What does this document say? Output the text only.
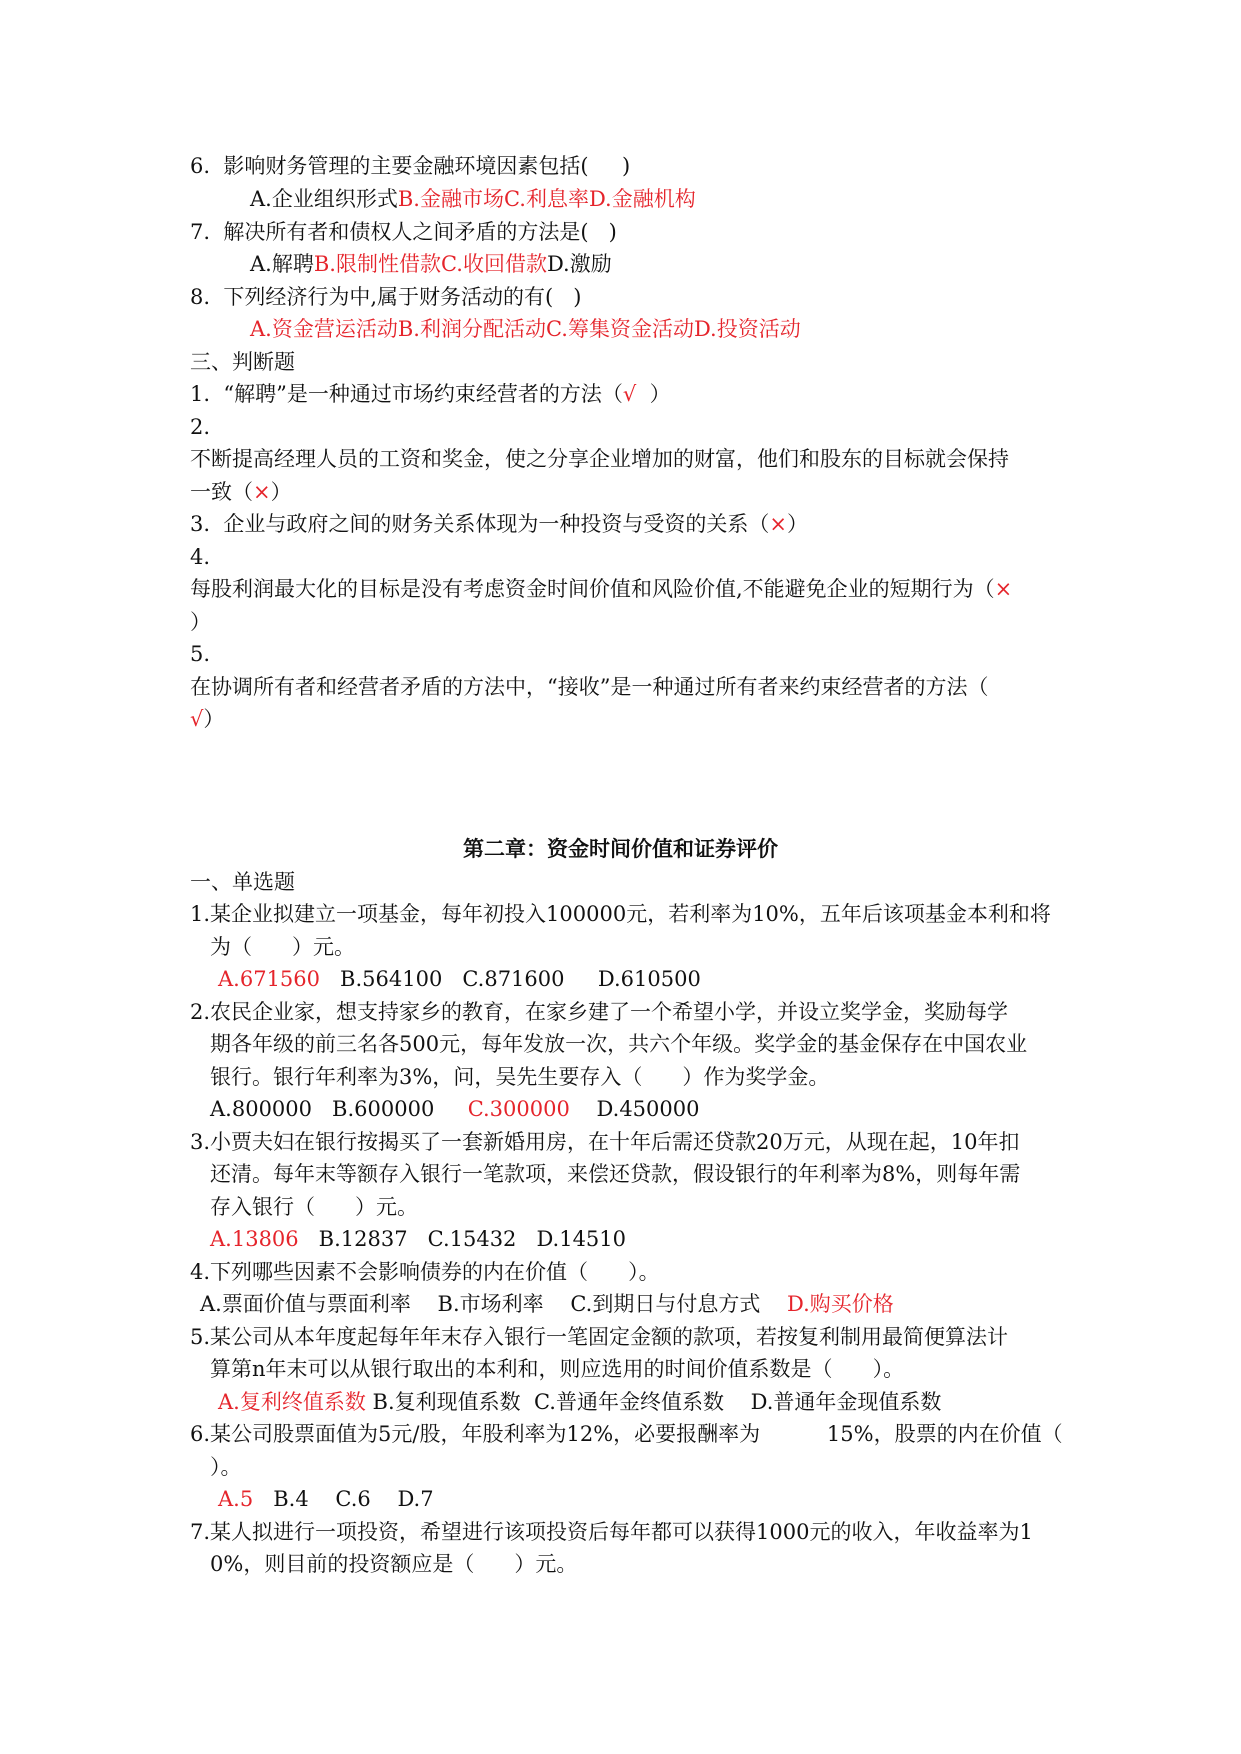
6.  影响财务管理的主要金融环境因素包括(     )
A.企业组织形式B.金融市场C.利息率D.金融机构
7.  解决所有者和债权人之间矛盾的方法是(   )
A.解聘B.限制性借款C.收回借款D.激励
8.  下列经济行为中,属于财务活动的有(   )
A.资金营运活动B.利润分配活动C.筹集资金活动D.投资活动
三、判断题
1.  “解聘”是一种通过市场约束经营者的方法（√  ）
2.
不断提高经理人员的工资和奖金，使之分享企业增加的财富，他们和股东的目标就会保持
一致（×）
3.  企业与政府之间的财务关系体现为一种投资与受资的关系（×）
4.
每股利润最大化的目标是没有考虑资金时间价值和风险价值,不能避免企业的短期行为（×
）
5.
在协调所有者和经营者矛盾的方法中，“接收”是一种通过所有者来约束经营者的方法（
√）
第二章：资金时间价值和证券评价
一、单选题
1.某企业拟建立一项基金，每年初投入100000元，若利率为10%，五年后该项基金本利和将
为（      ）元。
A.671560   B.564100   C.871600     D.610500
2.农民企业家，想支持家乡的教育，在家乡建了一个希望小学，并设立奖学金，奖励每学
期各年级的前三名各500元，每年发放一次，共六个年级。奖学金的基金保存在中国农业
银行。银行年利率为3%，问，吴先生要存入（      ）作为奖学金。
A.800000   B.600000     C.300000    D.450000
3.小贾夫妇在银行按揭买了一套新婚用房，在十年后需还贷款20万元，从现在起，10年扣
还清。每年末等额存入银行一笔款项，来偿还贷款，假设银行的年利率为8%，则每年需
存入银行（      ）元。
A.13806   B.12837   C.15432   D.14510
4.下列哪些因素不会影响债券的内在价值（      ）。
A.票面价值与票面利率    B.市场利率    C.到期日与付息方式    D.购买价格
5.某公司从本年度起每年年末存入银行一笔固定金额的款项，若按复利制用最简便算法计
算第n年末可以从银行取出的本利和，则应选用的时间价值系数是（      ）。
A.复利终值系数 B.复利现值系数  C.普通年金终值系数    D.普通年金现值系数
6.某公司股票面值为5元/股，年股利率为12%，必要报酬率为          15%，股票的内在价值（
）。
A.5   B.4    C.6    D.7
7.某人拟进行一项投资，希望进行该项投资后每年都可以获得1000元的收入，年收益率为1
0%，则目前的投资额应是（      ）元。
